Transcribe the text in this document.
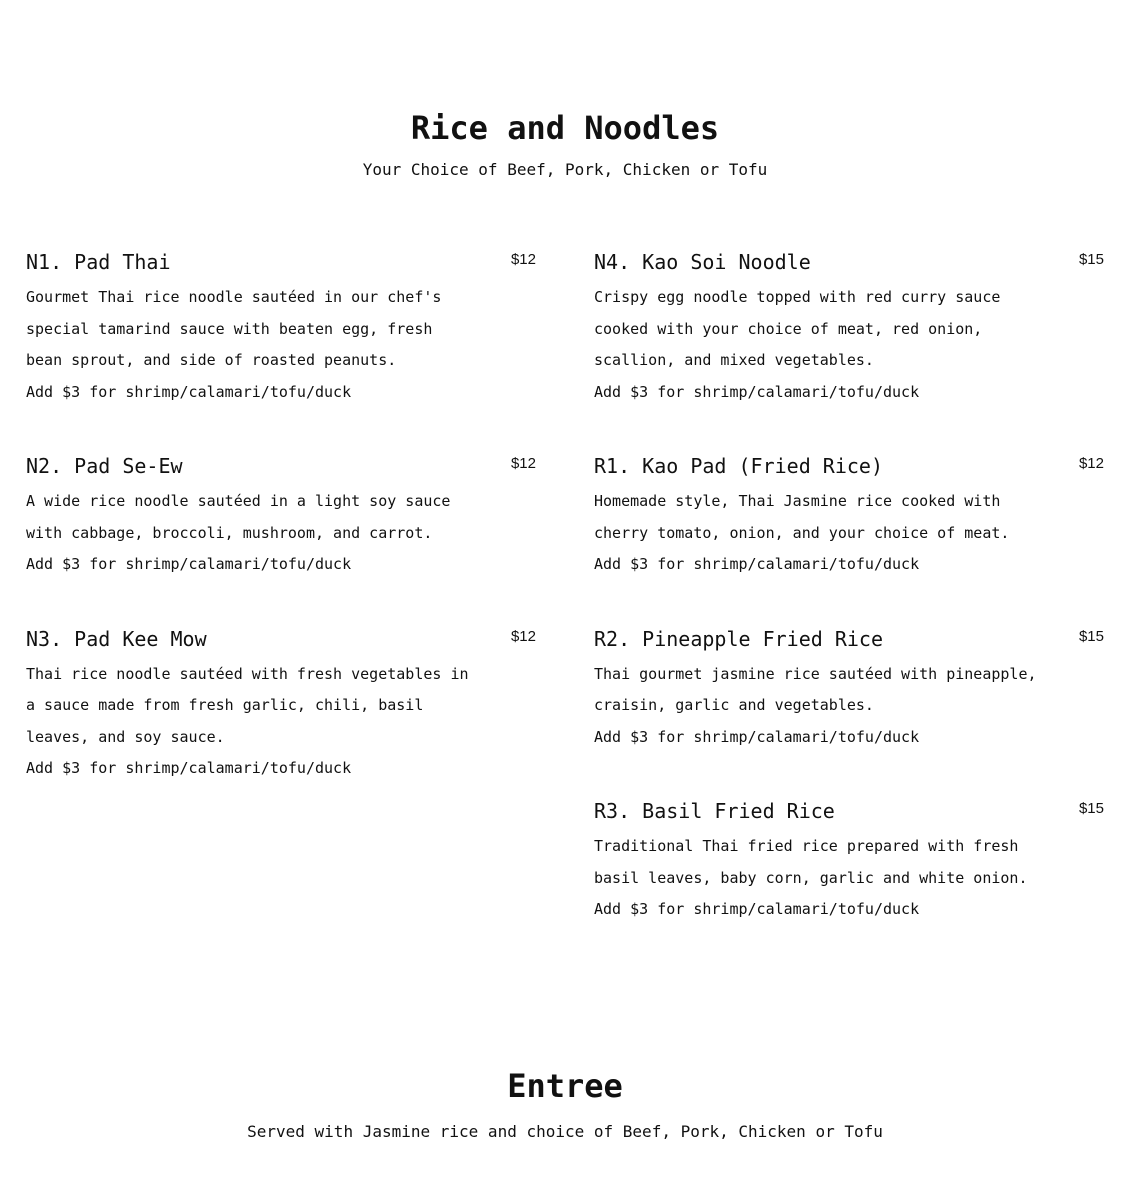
Rice and Noodles

Your Choice of Beef, Pork, Chicken or Tofu

N1. Pad Thai	$12

Gourmet Thai rice noodle sautéed in our chef's special tamarind sauce with beaten egg, fresh bean sprout, and side of roasted peanuts.

Add $3 for shrimp/calamari/tofu/duck

N2. Pad Se-Ew	$12

A wide rice noodle sautéed in a light soy sauce with cabbage, broccoli, mushroom, and carrot.

Add $3 for shrimp/calamari/tofu/duck

N3. Pad Kee Mow	$12

Thai rice noodle sautéed with fresh vegetables in a sauce made from fresh garlic, chili, basil leaves, and soy sauce.

Add $3 for shrimp/calamari/tofu/duck

N4. Kao Soi Noodle	$15

Crispy egg noodle topped with red curry sauce cooked with your choice of meat, red onion, scallion, and mixed vegetables.

Add $3 for shrimp/calamari/tofu/duck

R1. Kao Pad (Fried Rice)	$12

Homemade style, Thai Jasmine rice cooked with cherry tomato, onion, and your choice of meat.

Add $3 for shrimp/calamari/tofu/duck

R2. Pineapple Fried Rice	$15

Thai gourmet jasmine rice sautéed with pineapple, craisin, garlic and vegetables.

Add $3 for shrimp/calamari/tofu/duck

R3. Basil Fried Rice	$15

Traditional Thai fried rice prepared with fresh basil leaves, baby corn, garlic and white onion.

Add $3 for shrimp/calamari/tofu/duck

Entree

Served with Jasmine rice and choice of Beef, Pork, Chicken or Tofu
